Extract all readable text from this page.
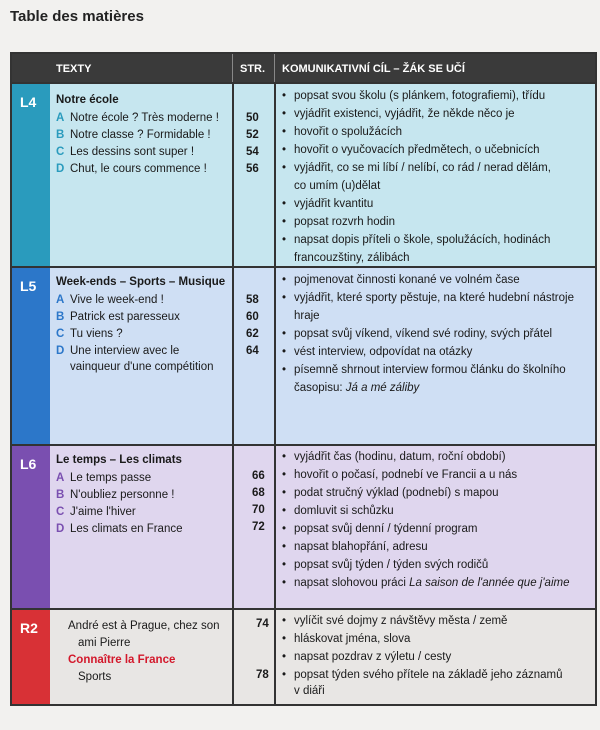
Table des matières
TEXTY	STR. KOMUNIKATIVNÍ CÍL – ŽÁK SE UČÍ
L4 Notre école
A Notre école ? Très moderne !
B Notre classe ? Formidable !
C Les dessins sont super !
D Chut, le cours commence !
50
52
54
56
• popsat svou školu (s plánkem, fotografiemi), třídu
• vyjádřit existenci, vyjádřit, že někde něco je
• hovořit o spolužácích
• hovořit o vyučovacích předmětech, o učebnicích
• vyjádřit, co se mi líbí / nelíbí, co rád / nerad dělám,
co umím (u)dělat
• vyjádřit kvantitu
• popsat rozvrh hodin
• napsat dopis příteli o škole, spolužácích, hodinách
francouzštiny, zálibách
L5 Week-ends – Sports – Musique
A Vive le week-end !
B Patrick est paresseux
C Tu viens ?
D Une interview avec le
vainqueur d'une compétition
58
60
62
64
• pojmenovat činnosti konané ve volném čase
• vyjádřit, které sporty pěstuje, na které hudební nástroje
hraje
• popsat svůj víkend, víkend své rodiny, svých přátel
• vést interview, odpovídat na otázky
• písemně shrnout interview formou článku do školního
časopisu: Já a mé záliby
L6 Le temps – Les climats
A Le temps passe
B N'oubliez personne !
C J'aime l'hiver
D Les climats en France
66
68
70
72
• vyjádřit čas (hodinu, datum, roční období)
• hovořit o počasí, podnebí ve Francii a u nás
• podat stručný výklad (podnebí) s mapou
• domluvit si schůzku
• popsat svůj denní / týdenní program
• napsat blahopřání, adresu
• popsat svůj týden / týden svých rodičů
• napsat slohovou práci La saison de l'année que j'aime
R2	André est à Prague, chez son
ami Pierre
Connaître la France
Sports
74
78
• vylíčit své dojmy z návštěvy města / země
• hláskovat jména, slova
• napsat pozdrav z výletu / cesty
• popsat týden svého přítele na základě jeho záznamů
v diáři
